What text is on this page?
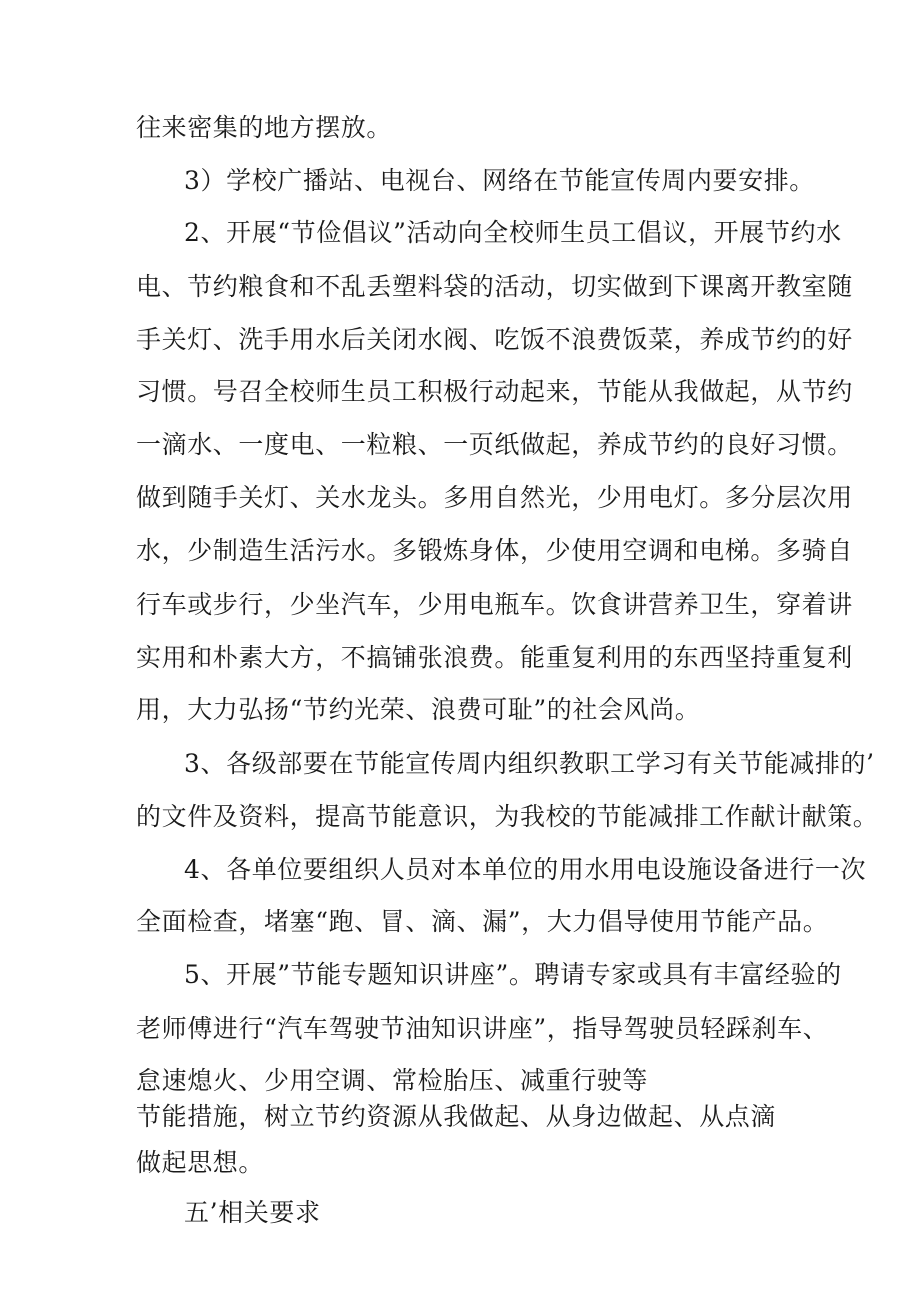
往来密集的地方摆放。
3）学校广播站、电视台、网络在节能宣传周内要安排。
2、开展“节俭倡议”活动向全校师生员工倡议，开展节约水
电、节约粮食和不乱丢塑料袋的活动，切实做到下课离开教室随
手关灯、洗手用水后关闭水阀、吃饭不浪费饭菜，养成节约的好
习惯。号召全校师生员工积极行动起来，节能从我做起，从节约
一滴水、一度电、一粒粮、一页纸做起，养成节约的良好习惯。
做到随手关灯、关水龙头。多用自然光，少用电灯。多分层次用
水，少制造生活污水。多锻炼身体，少使用空调和电梯。多骑自
行车或步行，少坐汽车，少用电瓶车。饮食讲营养卫生，穿着讲
实用和朴素大方，不搞铺张浪费。能重复利用的东西坚持重复利
用，大力弘扬“节约光荣、浪费可耻”的社会风尚。
3、各级部要在节能宣传周内组织教职工学习有关节能减排的’
的文件及资料，提高节能意识，为我校的节能减排工作献计献策。
4、各单位要组织人员对本单位的用水用电设施设备进行一次
全面检查，堵塞“跑、冒、滴、漏”，大力倡导使用节能产品。
5、开展”节能专题知识讲座”。聘请专家或具有丰富经验的
老师傅进行“汽车驾驶节油知识讲座”，指导驾驶员轻踩刹车、
怠速熄火、少用空调、常检胎压、减重行驶等
节能措施，树立节约资源从我做起、从身边做起、从点滴
做起思想。
五’相关要求
